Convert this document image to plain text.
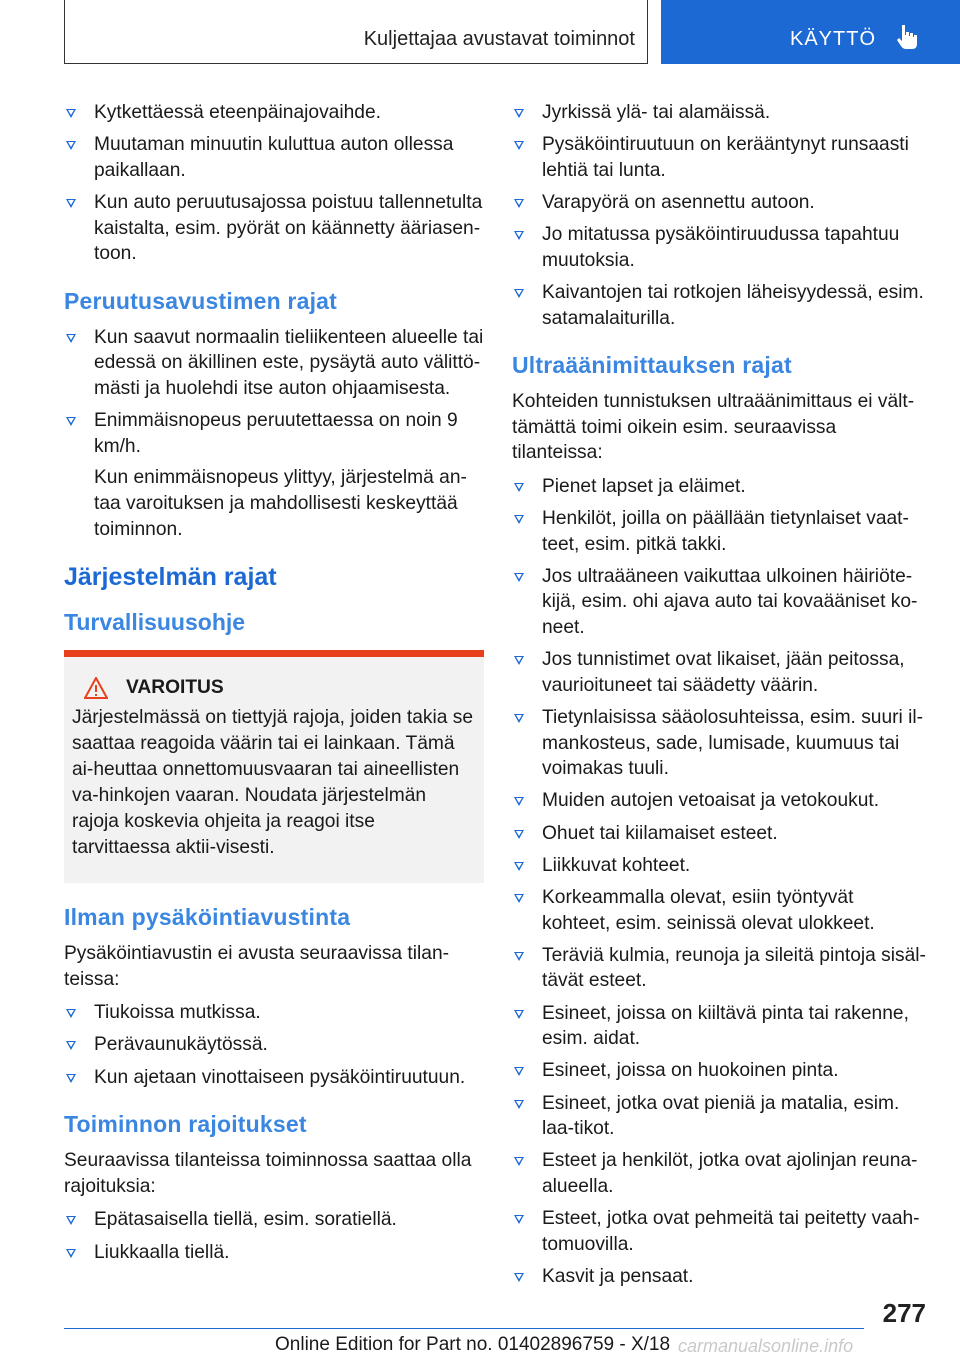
Kuljettajaa avustavat toiminnot	KÄYTTÖ

Kytkettäessä eteenpäinajovaihde.

Muutaman minuutin kuluttua auton ollessa paikallaan.

Kun auto peruutusajossa poistuu tallennetulta kaistalta, esim. pyörät on käännetty ääriasen-toon.

Peruutusavustimen rajat

Kun saavut normaalin tieliikenteen alueelle tai edessä on äkillinen este, pysäytä auto välittö-mästi ja huolehdi itse auton ohjaamisesta.

Enimmäisnopeus peruutettaessa on noin 9 km/h.

Kun enimmäisnopeus ylittyy, järjestelmä an-taa varoituksen ja mahdollisesti keskeyttää toiminnon.

Järjestelmän rajat
Turvallisuusohje
VAROITUS
Järjestelmässä on tiettyjä rajoja, joiden takia se saattaa reagoida väärin tai ei lainkaan. Tämä ai-heuttaa onnettomuusvaaran tai aineellisten va-hinkojen vaaran. Noudata järjestelmän rajoja koskevia ohjeita ja reagoi itse tarvittaessa aktii-visesti.
Ilman pysäköintiavustinta

Pysäköintiavustin ei avusta seuraavissa tilan-teissa:

Tiukoissa mutkissa.

Perävaunukäytössä.

Kun ajetaan vinottaiseen pysäköintiruutuun.

Toiminnon rajoitukset

Seuraavissa tilanteissa toiminnossa saattaa olla rajoituksia:

Epätasaisella tiellä, esim. soratiellä.

Liukkaalla tiellä.

Jyrkissä ylä- tai alamäissä.

Pysäköintiruutuun on kerääntynyt runsaasti lehtiä tai lunta.

Varapyörä on asennettu autoon.

Jo mitatussa pysäköintiruudussa tapahtuu muutoksia.

Kaivantojen tai rotkojen läheisyydessä, esim. satamalaiturilla.

Ultraäänimittauksen rajat

Kohteiden tunnistuksen ultraäänimittaus ei vält-tämättä toimi oikein esim. seuraavissa tilanteissa:

Pienet lapset ja eläimet.

Henkilöt, joilla on päällään tietynlaiset vaat-teet, esim. pitkä takki.

Jos ultraääneen vaikuttaa ulkoinen häiriöte-kijä, esim. ohi ajava auto tai kovaääniset ko-neet.

Jos tunnistimet ovat likaiset, jään peitossa, vaurioituneet tai säädetty väärin.

Tietynlaisissa sääolosuhteissa, esim. suuri il-mankosteus, sade, lumisade, kuumuus tai voimakas tuuli.

Muiden autojen vetoaisat ja vetokoukut.

Ohuet tai kiilamaiset esteet.

Liikkuvat kohteet.

Korkeammalla olevat, esiin työntyvät kohteet, esim. seinissä olevat ulokkeet.

Teräviä kulmia, reunoja ja sileitä pintoja sisäl-tävät esteet.

Esineet, joissa on kiiltävä pinta tai rakenne, esim. aidat.

Esineet, joissa on huokoinen pinta.

Esineet, jotka ovat pieniä ja matalia, esim. laa-tikot.

Esteet ja henkilöt, jotka ovat ajolinjan reuna-alueella.

Esteet, jotka ovat pehmeitä tai peitetty vaah-tomuovilla.

Kasvit ja pensaat.

277
Online Edition for Part no. 01402896759 - X/18 carmanualsonline.info
